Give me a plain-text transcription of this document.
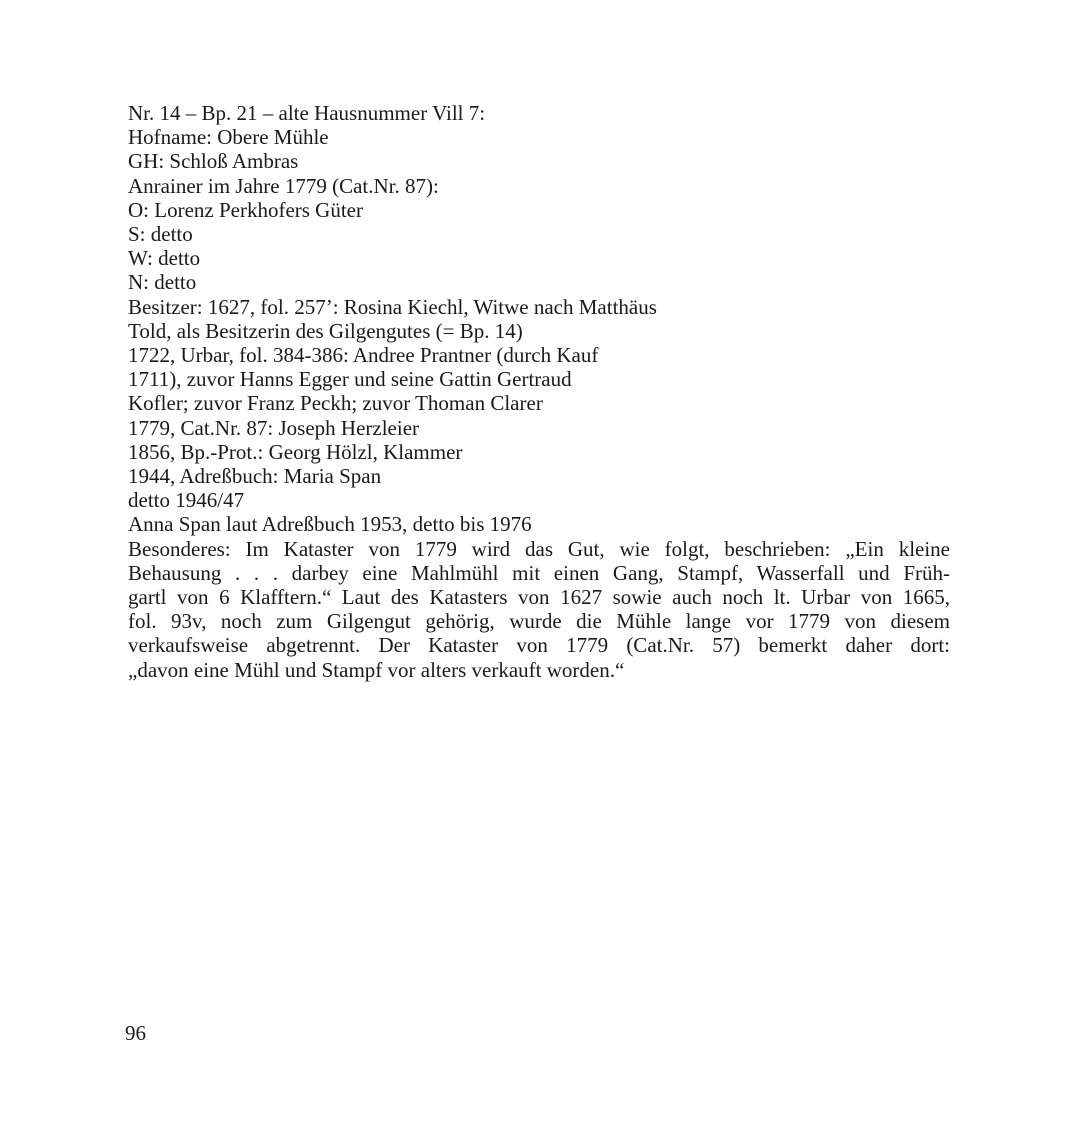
Nr. 14 – Bp. 21 – alte Hausnummer Vill 7:
Hofname: Obere Mühle
GH: Schloß Ambras
Anrainer im Jahre 1779 (Cat.Nr. 87):
O: Lorenz Perkhofers Güter
S: detto
W: detto
N: detto
Besitzer: 1627, fol. 257’: Rosina Kiechl, Witwe nach Matthäus
Told, als Besitzerin des Gilgengutes (= Bp. 14)
1722, Urbar, fol. 384-386: Andree Prantner (durch Kauf
1711), zuvor Hanns Egger und seine Gattin Gertraud
Kofler; zuvor Franz Peckh; zuvor Thoman Clarer
1779, Cat.Nr. 87: Joseph Herzleier
1856, Bp.-Prot.: Georg Hölzl, Klammer
1944, Adreßbuch: Maria Span
detto 1946/47
Anna Span laut Adreßbuch 1953, detto bis 1976
Besonderes: Im Kataster von 1779 wird das Gut, wie folgt, beschrieben: „Ein kleine
Behausung . . . darbey eine Mahlmühl mit einen Gang, Stampf, Wasserfall und Früh-
gartl von 6 Klafftern.“ Laut des Katasters von 1627 sowie auch noch lt. Urbar von 1665,
fol. 93v, noch zum Gilgengut gehörig, wurde die Mühle lange vor 1779 von diesem
verkaufsweise abgetrennt. Der Kataster von 1779 (Cat.Nr. 57) bemerkt daher dort:
„davon eine Mühl und Stampf vor alters verkauft worden.“
96
